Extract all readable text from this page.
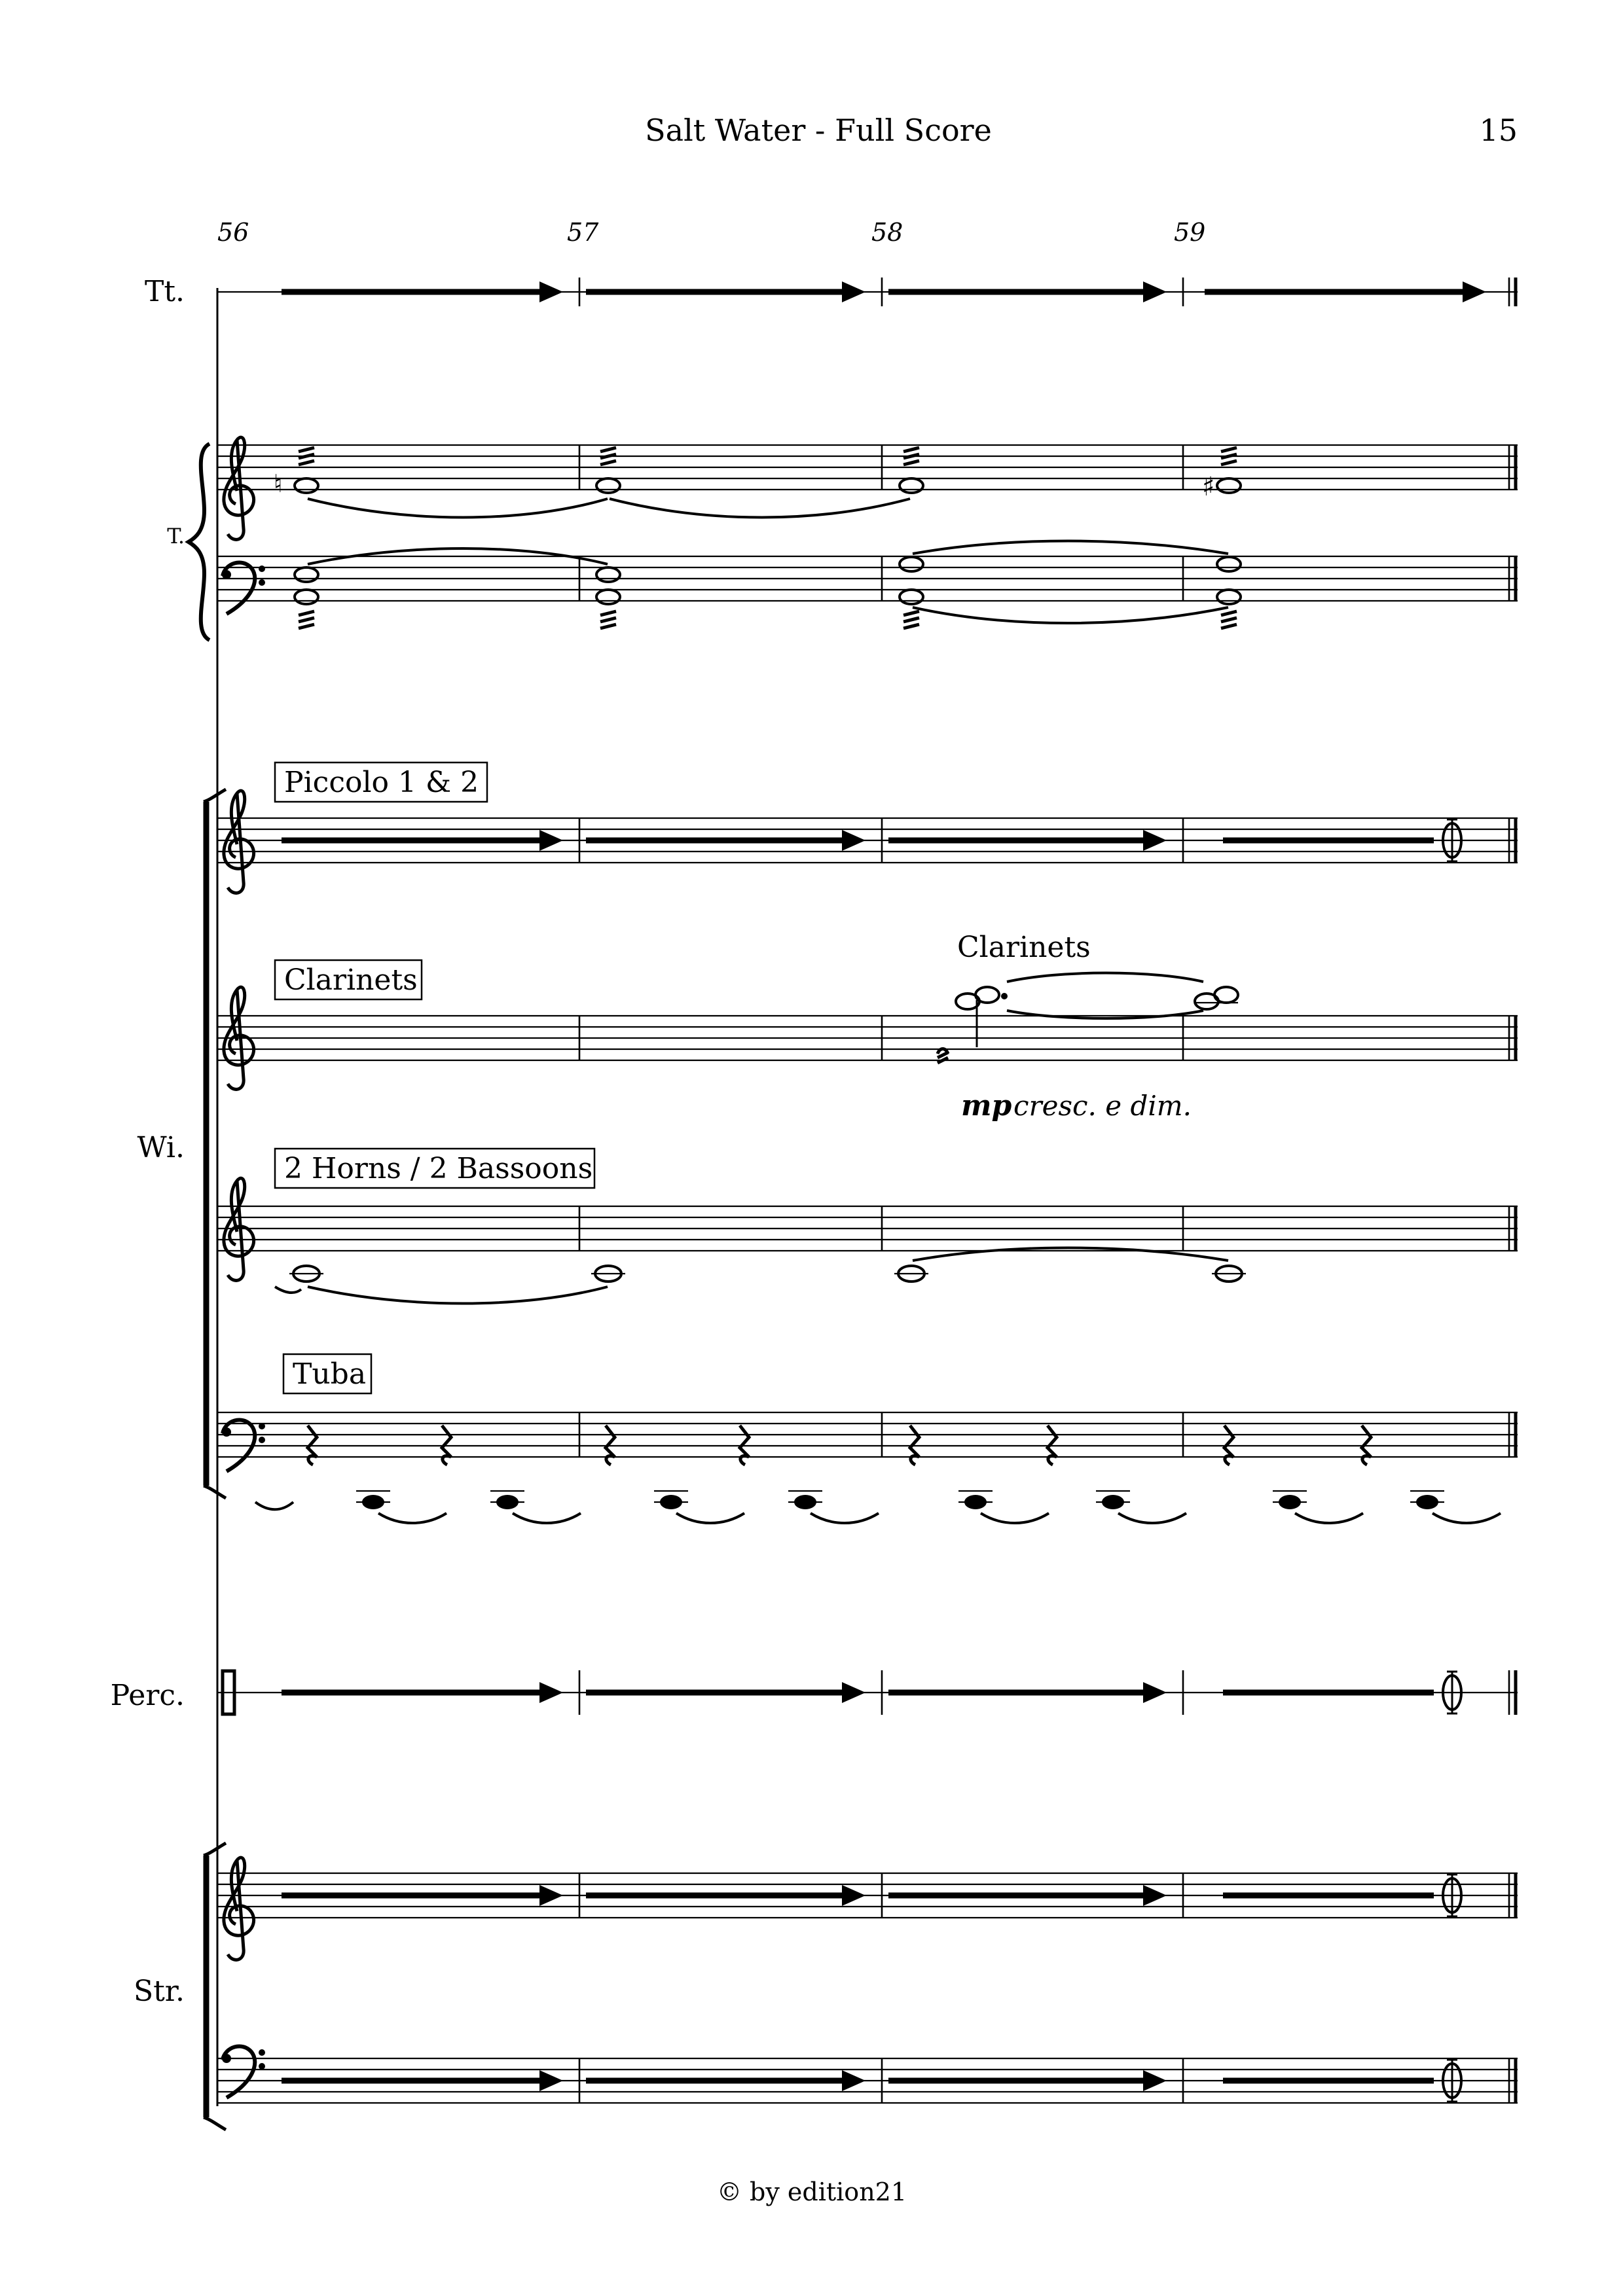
Salt Water - Full Score	15
56	57	58	59
Tt.
T.
Wi.
Perc.
Str.
Piccolo 1 & 2
Clarinets
2 Horns / 2 Bassoons
Tuba
Clarinets
mp cresc. e dim.
♮	♯
© by edition21
